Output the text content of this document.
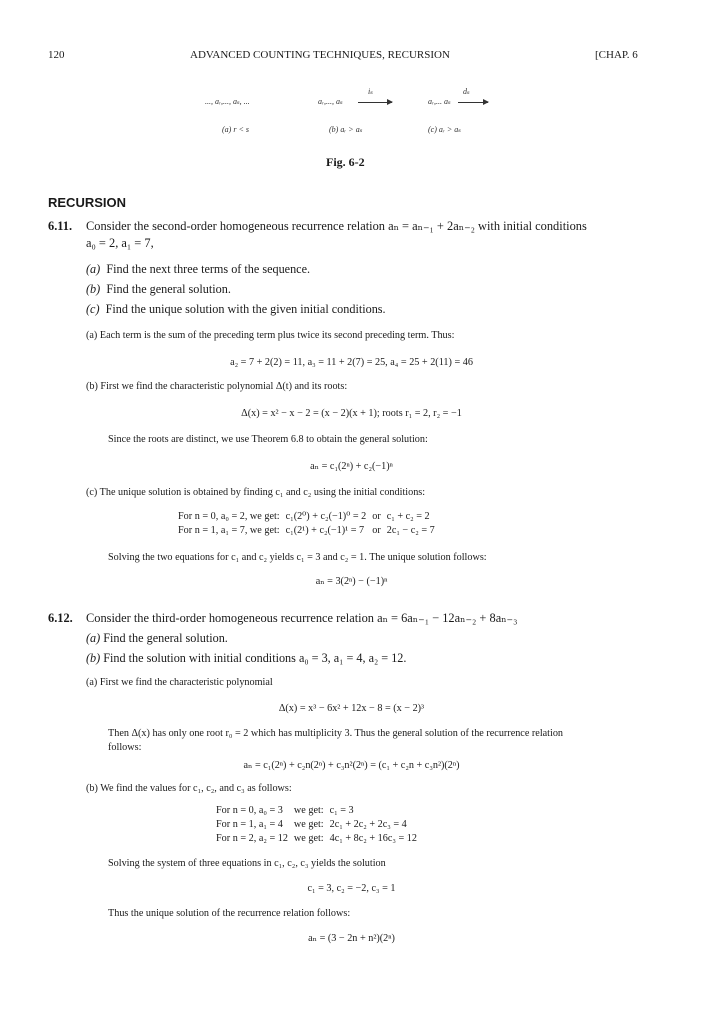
120	ADVANCED COUNTING TECHNIQUES, RECURSION	[CHAP. 6
..., aᵣ,..., aₛ, ...	aᵣ,..., aₛ
iₛ
aᵣ,... aₛ
dₛ
(a) r < s	(b) aᵣ > aₛ	(c) aᵣ > aₛ
Fig. 6-2
RECURSION
6.11. Consider the second-order homogeneous recurrence relation aₙ = aₙ₋₁ + 2aₙ₋₂ with initial conditions
a₀ = 2, a₁ = 7,
(a) Find the next three terms of the sequence.
(b) Find the general solution.
(c) Find the unique solution with the given initial conditions.
(a) Each term is the sum of the preceding term plus twice its second preceding term. Thus:
a₂ = 7 + 2(2) = 11, a₃ = 11 + 2(7) = 25, a₄ = 25 + 2(11) = 46
(b) First we find the characteristic polynomial Δ(t) and its roots:
Δ(x) = x² − x − 2 = (x − 2)(x + 1); roots r₁ = 2, r₂ = −1
Since the roots are distinct, we use Theorem 6.8 to obtain the general solution:
aₙ = c₁(2ⁿ) + c₂(−1)ⁿ
(c) The unique solution is obtained by finding c₁ and c₂ using the initial conditions:
For n = 0, a₀ = 2, we get:	c₁(2⁰) + c₂(−1)⁰ = 2	or	c₁ + c₂ = 2
For n = 1, a₁ = 7, we get:	c₁(2¹) + c₂(−1)¹ = 7	or	2c₁ − c₂ = 7
Solving the two equations for c₁ and c₂ yields c₁ = 3 and c₂ = 1. The unique solution follows:
aₙ = 3(2ⁿ) − (−1)ⁿ
6.12. Consider the third-order homogeneous recurrence relation aₙ = 6aₙ₋₁ − 12aₙ₋₂ + 8aₙ₋₃
(a) Find the general solution.
(b) Find the solution with initial conditions a₀ = 3, a₁ = 4, a₂ = 12.
(a) First we find the characteristic polynomial
Δ(x) = x³ − 6x² + 12x − 8 = (x − 2)³
Then Δ(x) has only one root r₀ = 2 which has multiplicity 3. Thus the general solution of the recurrence relation
follows:
aₙ = c₁(2ⁿ) + c₂n(2ⁿ) + c₃n²(2ⁿ) = (c₁ + c₂n + c₃n²)(2ⁿ)
(b) We find the values for c₁, c₂, and c₃ as follows:
For n = 0, a₀ = 3	we get:	c₁ = 3
For n = 1, a₁ = 4	we get:	2c₁ + 2c₂ + 2c₃ = 4
For n = 2, a₂ = 12	we get:	4c₁ + 8c₂ + 16c₃ = 12
Solving the system of three equations in c₁, c₂, c₃ yields the solution
c₁ = 3, c₂ = −2, c₃ = 1
Thus the unique solution of the recurrence relation follows:
aₙ = (3 − 2n + n²)(2ⁿ)
